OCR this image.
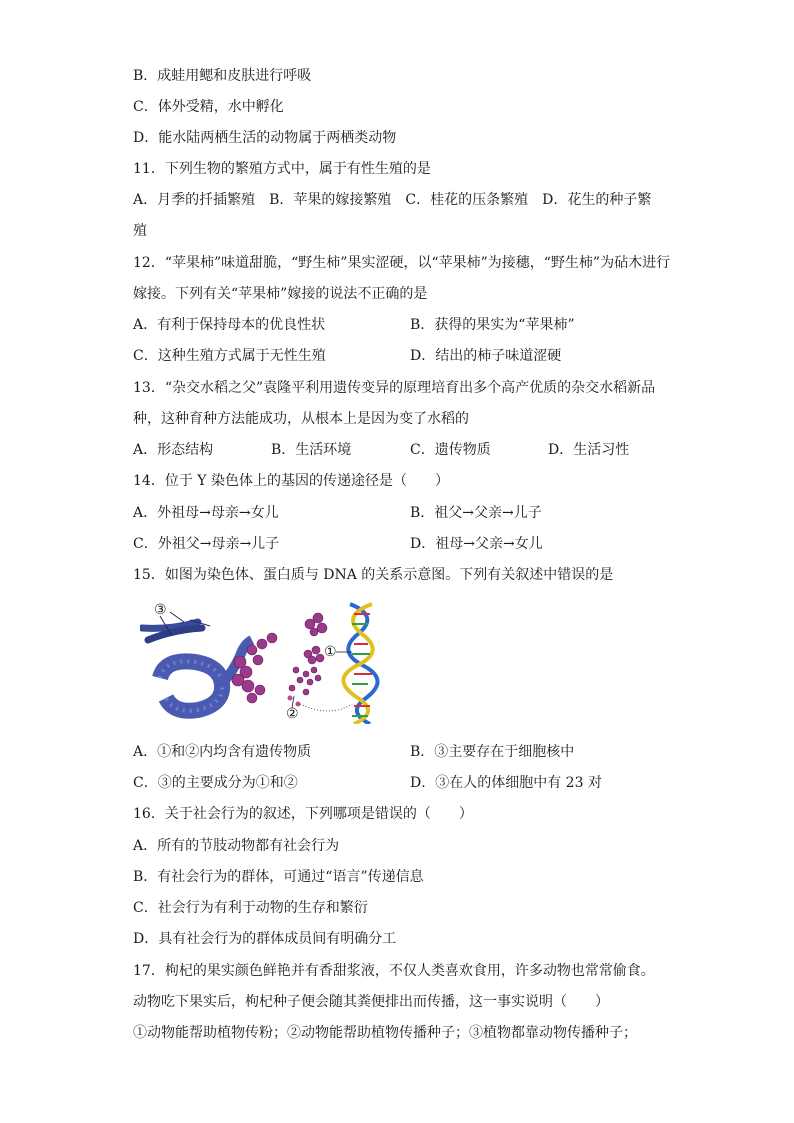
B．成蛙用鳃和皮肤进行呼吸
C．体外受精，水中孵化
D．能水陆两栖生活的动物属于两栖类动物
11．下列生物的繁殖方式中，属于有性生殖的是
A．月季的扦插繁殖　B．苹果的嫁接繁殖　C．桂花的压条繁殖　D．花生的种子繁
殖
12．“苹果柿”味道甜脆，“野生柿”果实涩硬，以“苹果柿”为接穗，“野生柿”为砧木进行
嫁接。下列有关“苹果柿”嫁接的说法不正确的是
A．有利于保持母本的优良性状	B．获得的果实为“苹果柿”
C．这种生殖方式属于无性生殖	D．结出的柿子味道涩硬
13．“杂交水稻之父”袁隆平利用遗传变异的原理培育出多个高产优质的杂交水稻新品
种，这种育种方法能成功，从根本上是因为变了水稻的
A．形态结构	B．生活环境	C．遗传物质	D．生活习性
14．位于 Y 染色体上的基因的传递途径是（　　）
A．外祖母→母亲→女儿	B．祖父→父亲→儿子
C．外祖父→母亲→儿子	D．祖母→父亲→女儿
15．如图为染色体、蛋白质与 DNA 的关系示意图。下列有关叙述中错误的是
③
①
②
A．①和②内均含有遗传物质	B．③主要存在于细胞核中
C．③的主要成分为①和②	D．③在人的体细胞中有 23 对
16．关于社会行为的叙述，下列哪项是错误的（　　）
A．所有的节肢动物都有社会行为
B．有社会行为的群体，可通过“语言”传递信息
C．社会行为有利于动物的生存和繁衍
D．具有社会行为的群体成员间有明确分工
17．枸杞的果实颜色鲜艳并有香甜浆液，不仅人类喜欢食用，许多动物也常常偷食。
动物吃下果实后，枸杞种子便会随其粪便排出而传播，这一事实说明（　　）
①动物能帮助植物传粉；②动物能帮助植物传播种子；③植物都靠动物传播种子；
